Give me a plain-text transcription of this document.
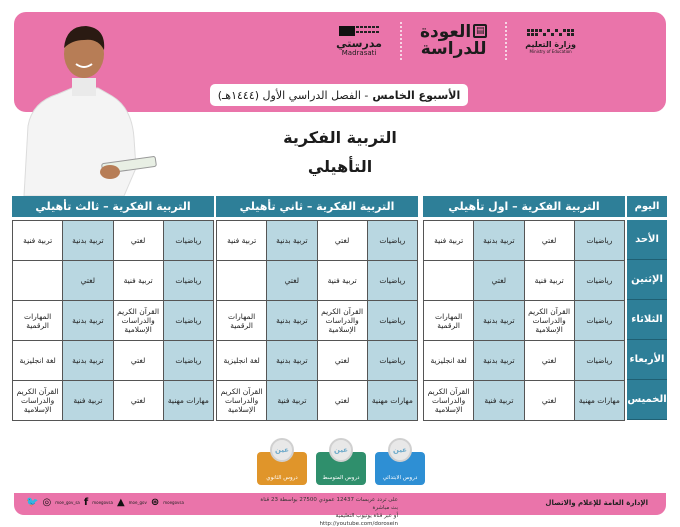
وزارة التعليم
Ministry of Education
▤العودة
للدراسة
مدرستي
Madrasati
الأسبوع الخامس
- الفصل الدراسي الأول (١٤٤٤هـ)
التربية الفكرية
التأهيلي
اليوم
الأحد
الإثنين
الثلاثاء
الأربعاء
الخميس
التربية الفكرية – اول تأهيلي
رياضيات	لغتي	تربية بدنية	تربية فنية
رياضيات	تربية فنية	لغتي	
رياضيات	القرآن الكريم والدراسات الإسلامية	تربية بدنية	المهارات الرقمية
رياضيات	لغتي	تربية بدنية	لغة انجليزية
مهارات مهنية	لغتي	تربية فنية	القرآن الكريم والدراسات الإسلامية
التربية الفكرية – ثاني تأهيلي
رياضيات	لغتي	تربية بدنية	تربية فنية
رياضيات	تربية فنية	لغتي	
رياضيات	القرآن الكريم والدراسات الإسلامية	تربية بدنية	المهارات الرقمية
رياضيات	لغتي	تربية بدنية	لغة انجليزية
مهارات مهنية	لغتي	تربية فنية	القرآن الكريم والدراسات الإسلامية
التربية الفكرية – ثالث تأهيلي
رياضيات	لغتي	تربية بدنية	تربية فنية
رياضيات	تربية فنية	لغتي	
رياضيات	القرآن الكريم والدراسات الإسلامية	تربية بدنية	المهارات الرقمية
رياضيات	لغتي	تربية بدنية	لغة انجليزية
مهارات مهنية	لغتي	تربية فنية	القرآن الكريم والدراسات الإسلامية
عين
دروس الثانوي
عين
دروس المتوسط
عين
دروس الابتدائي
🐦 ◎ moe_gov_sa f moegovsa ▲ moe_gov ⊛ moegovsa	على تردد عربسات 12437 عمودي 27500 بواسطة 23 قناة بث مباشرة
أو عبر قناة يوتيوب التعليمية http://youtube.com/dorosein
الإدارة العامة للإعلام والاتصال
